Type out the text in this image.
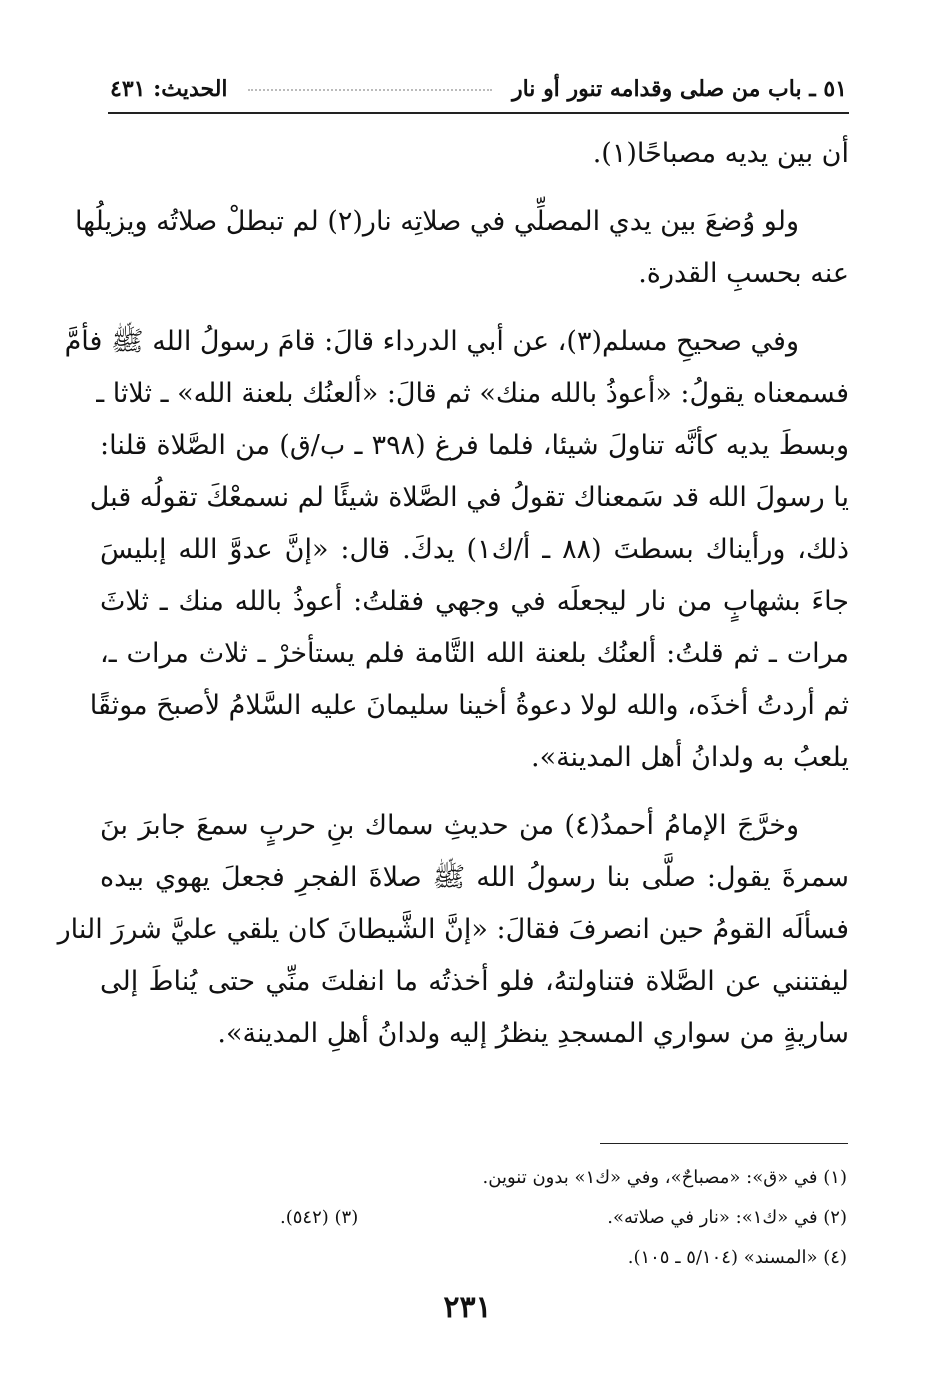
٥١ ـ باب من صلى وقدامه تنور أو نار
الحديث: ٤٣١
أن بين يديه مصباحًا(١).
ولو وُضعَ بين يدي المصلِّي في صلاتِه نار(٢) لم تبطلْ صلاتُه ويزيلُها
عنه بحسبِ القدرة.
وفي صحيحِ مسلم(٣)، عن أبي الدرداء قالَ: قامَ رسولُ الله ﷺ فأمَّ
فسمعناه يقولُ: «أعوذُ بالله منك» ثم قالَ: «ألعنُك بلعنة الله» ـ ثلاثا ـ
وبسطَ يديه كأنَّه تناولَ شيئا، فلما فرغ (٣٩٨ ـ ب/ق) من الصَّلاة قلنا:
يا رسولَ الله قد سَمعناك تقولُ في الصَّلاة شيئًا لم نسمعْكَ تقولُه قبل
ذلك، ورأيناك بسطتَ (٨٨ ـ أ/ك١) يدكَ. قال: «إنَّ عدوَّ الله إبليسَ
جاءَ بشهابٍ من نار ليجعلَه في وجهي فقلتُ: أعوذُ بالله منك ـ ثلاثَ
مرات ـ ثم قلتُ: ألعنُك بلعنة الله التَّامة فلم يستأخرْ ـ ثلاث مرات ـ،
ثم أردتُ أخذَه، والله لولا دعوةُ أخينا سليمانَ عليه السَّلامُ لأصبحَ موثقًا
يلعبُ به ولدانُ أهل المدينة».
وخرَّجَ الإمامُ أحمدُ(٤) من حديثِ سماك بنِ حربٍ سمعَ جابرَ بنَ
سمرةَ يقول: صلَّى بنا رسولُ الله ﷺ صلاةَ الفجرِ فجعلَ يهوي بيده
فسألَه القومُ حين انصرفَ فقالَ: «إنَّ الشَّيطانَ كان يلقي عليَّ شررَ النار
ليفتنني عن الصَّلاة فتناولتهُ، فلو أخذتُه ما انفلتَ منِّي حتى يُناطَ إلى
ساريةٍ من سواري المسجدِ ينظرُ إليه ولدانُ أهلِ المدينة».
(١) في «ق»: «مصباحٌ»، وفي «ك١» بدون تنوين.
(٢) في «ك١»: «نار في صلاته».
(٣) (٥٤٢).
(٤) «المسند» (٥/١٠٤ ـ ١٠٥).
٢٣١
